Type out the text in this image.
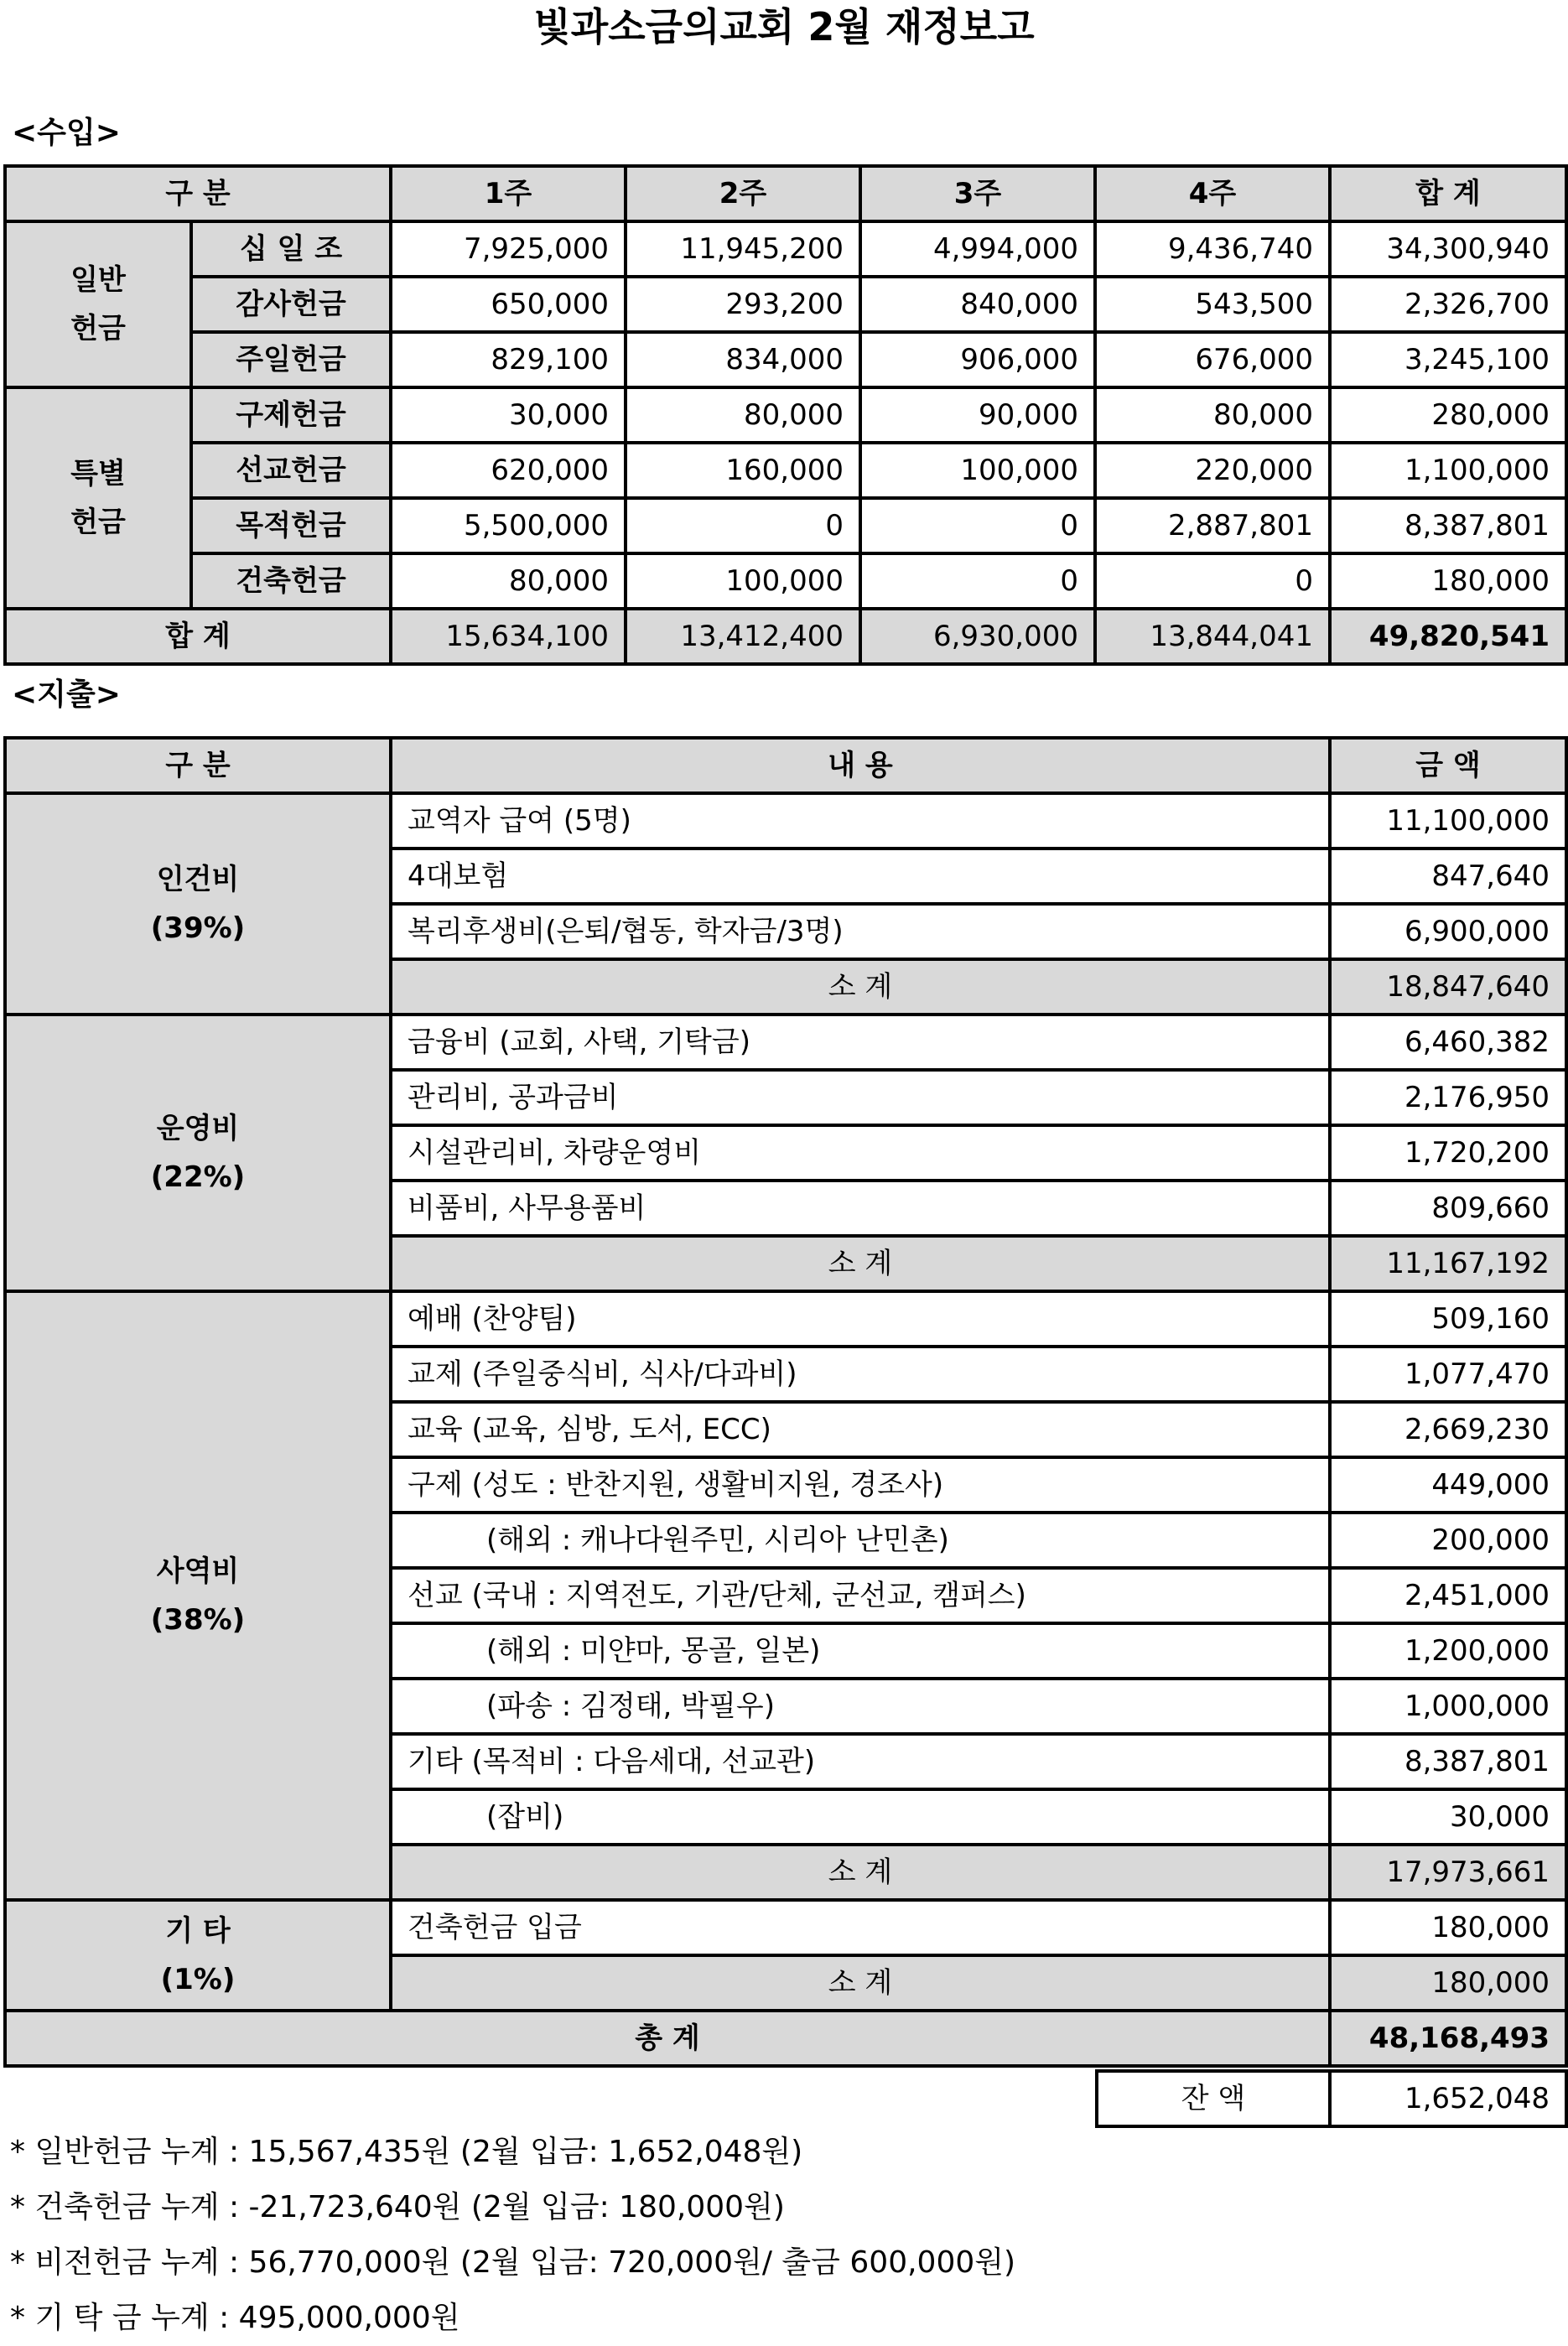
빛과소금의교회 2월 재정보고
<수입>
구 분		1주	2주	3주	4주	합 계
일반
헌금	십 일 조	7,925,000	11,945,200	4,994,000	9,436,740	34,300,940
	감사헌금	650,000	293,200	840,000	543,500	2,326,700
	주일헌금	829,100	834,000	906,000	676,000	3,245,100
특별
헌금	구제헌금	30,000	80,000	90,000	80,000	280,000
	선교헌금	620,000	160,000	100,000	220,000	1,100,000
	목적헌금	5,500,000	0	0	2,887,801	8,387,801
	건축헌금	80,000	100,000	0	0	180,000
합 계		15,634,100	13,412,400	6,930,000	13,844,041	49,820,541
<지출>
구 분	내 용	금 액

인건비
(39%)	교역자 급여 (5명)	11,100,000
	4대보험	847,640
	복리후생비(은퇴/협동, 학자금/3명)	6,900,000
	소 계	18,847,640

운영비
(22%)	금융비 (교회, 사택, 기탁금)	6,460,382
	관리비, 공과금비	2,176,950
	시설관리비, 차량운영비	1,720,200
	비품비, 사무용품비	809,660
	소 계	11,167,192

사역비
(38%)	예배 (찬양팀)	509,160
	교제 (주일중식비, 식사/다과비)	1,077,470
	교육 (교육, 심방, 도서, ECC)	2,669,230
	구제 (성도 : 반찬지원, 생활비지원, 경조사)	449,000
	(해외 : 캐나다원주민, 시리아 난민촌)	200,000
	선교 (국내 : 지역전도, 기관/단체, 군선교, 캠퍼스)	2,451,000
	(해외 : 미얀마, 몽골, 일본)	1,200,000
	(파송 : 김정태, 박필우)	1,000,000
	기타 (목적비 : 다음세대, 선교관)	8,387,801
	(잡비)	30,000
	소 계	17,973,661

기 타
(1%)	건축헌금 입금	180,000
	소 계	180,000
총 계		48,168,493
잔 액	1,652,048
* 일반헌금 누계 : 15,567,435원 (2월 입금: 1,652,048원)
* 건축헌금 누계 : -21,723,640원 (2월 입금: 180,000원)
* 비전헌금 누계 : 56,770,000원 (2월 입금: 720,000원/ 출금 600,000원)
* 기 탁 금 누계 : 495,000,000원
